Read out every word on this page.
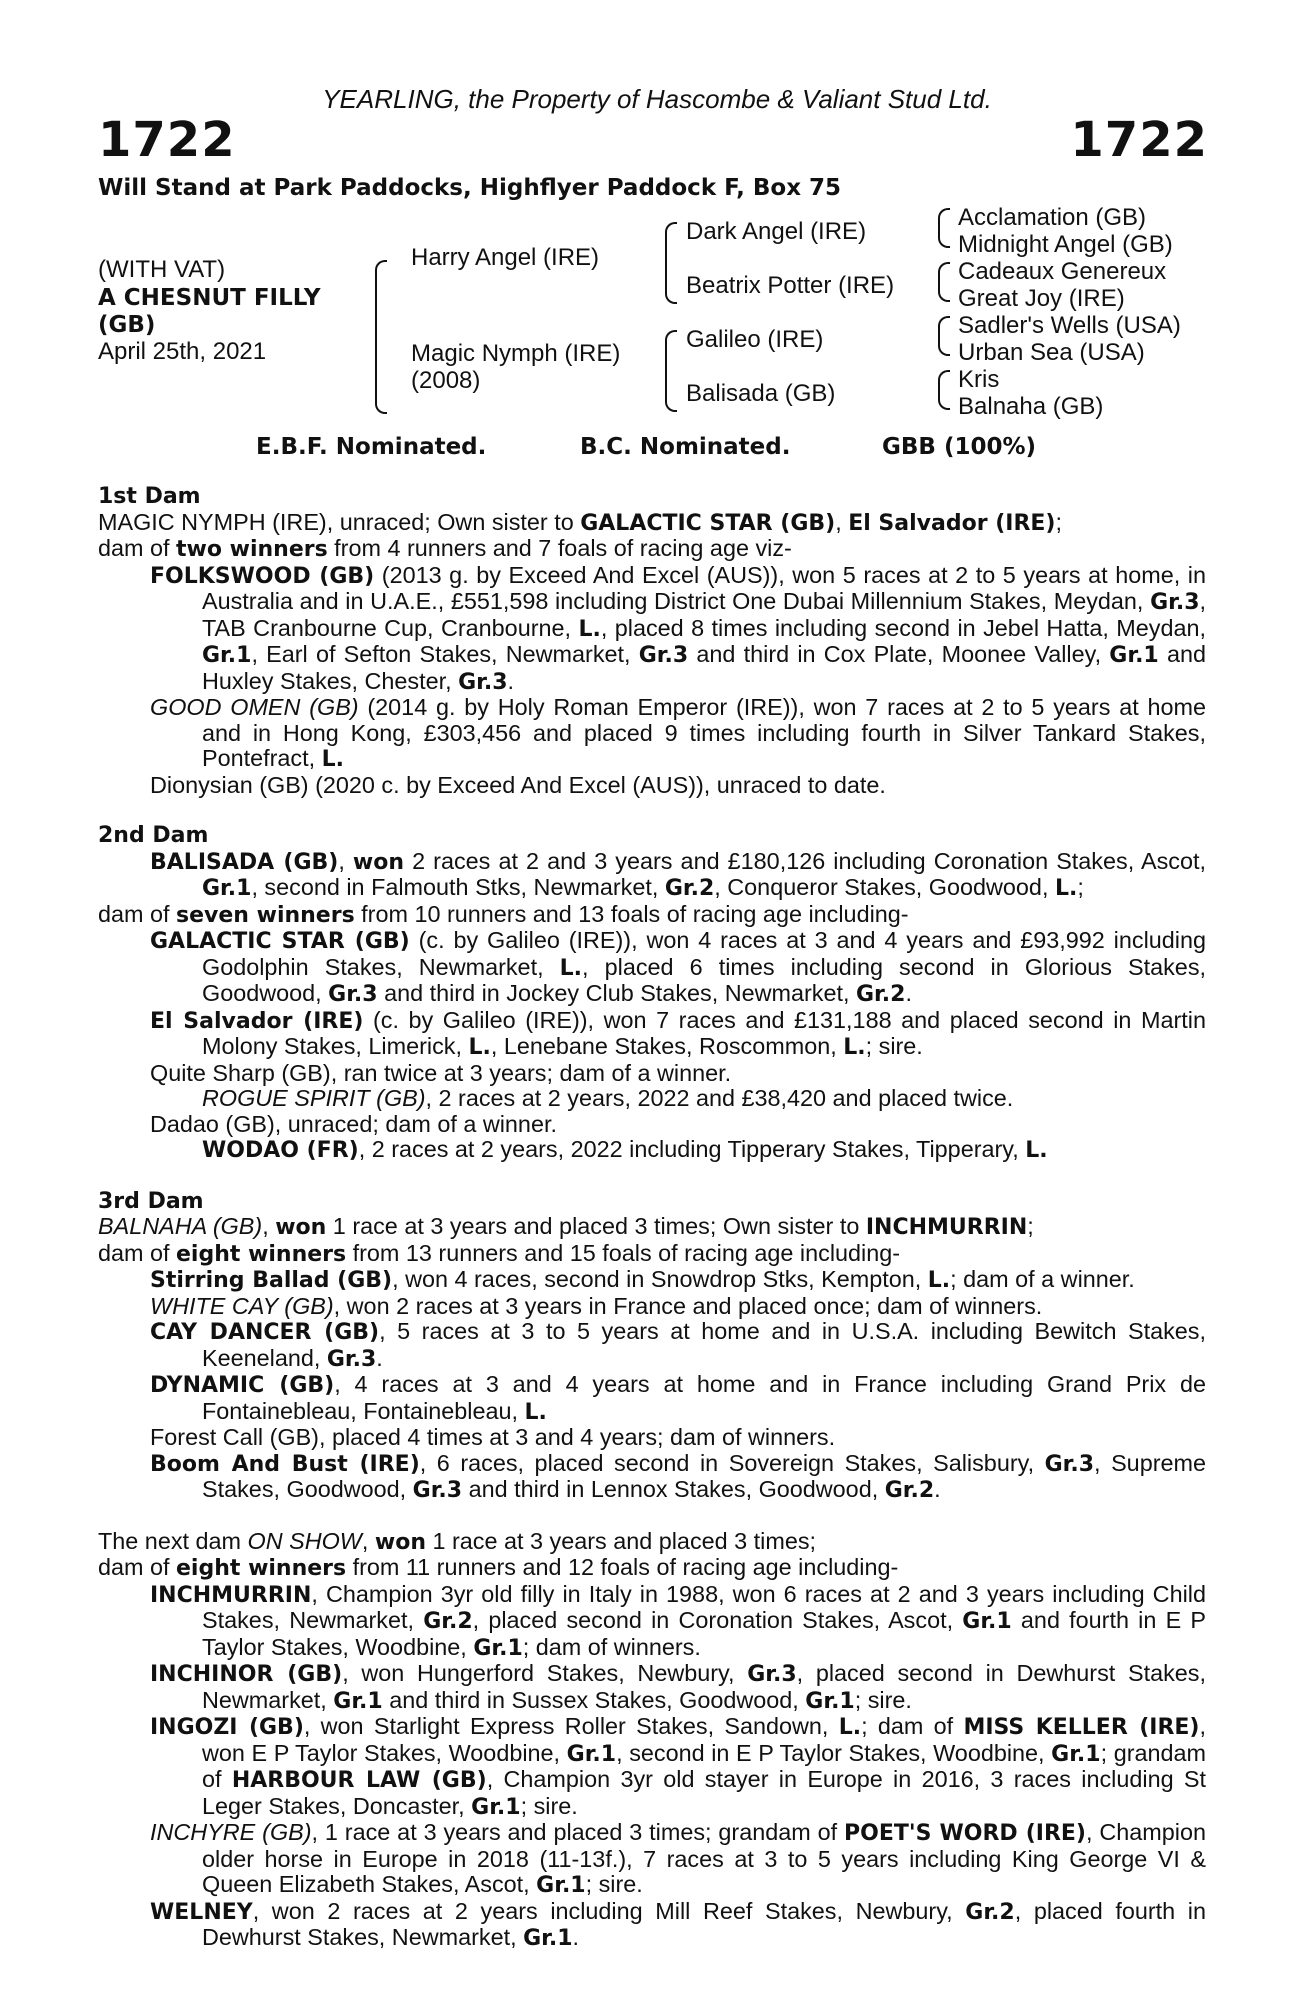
YEARLING, the Property of Hascombe & Valiant Stud Ltd.
1722	1722
Will Stand at Park Paddocks, Highflyer Paddock F, Box 75
(WITH VAT)
A CHESNUT FILLY
(GB)
April 25th, 2021
Harry Angel (IRE)
Magic Nymph (IRE)
(2008)
Dark Angel (IRE)
Beatrix Potter (IRE)
Galileo (IRE)
Balisada (GB)
Acclamation (GB)
Midnight Angel (GB)
Cadeaux Genereux
Great Joy (IRE)
Sadler's Wells (USA)
Urban Sea (USA)
Kris
Balnaha (GB)
E.B.F. Nominated.	B.C. Nominated.	GBB (100%)
1st Dam

MAGIC NYMPH (IRE), unraced; Own sister to GALACTIC STAR (GB), El Salvador (IRE);

dam of two winners from 4 runners and 7 foals of racing age viz-

FOLKSWOOD (GB) (2013 g. by Exceed And Excel (AUS)), won 5 races at 2 to 5 years at home, in Australia and in U.A.E., £551,598 including District One Dubai Millennium Stakes, Meydan, Gr.3, TAB Cranbourne Cup, Cranbourne, L., placed 8 times including second in Jebel Hatta, Meydan, Gr.1, Earl of Sefton Stakes, Newmarket, Gr.3 and third in Cox Plate, Moonee Valley, Gr.1 and Huxley Stakes, Chester, Gr.3.

GOOD OMEN (GB) (2014 g. by Holy Roman Emperor (IRE)), won 7 races at 2 to 5 years at home and in Hong Kong, £303,456 and placed 9 times including fourth in Silver Tankard Stakes, Pontefract, L.

Dionysian (GB) (2020 c. by Exceed And Excel (AUS)), unraced to date.

2nd Dam

BALISADA (GB), won 2 races at 2 and 3 years and £180,126 including Coronation Stakes, Ascot, Gr.1, second in Falmouth Stks, Newmarket, Gr.2, Conqueror Stakes, Goodwood, L.;

dam of seven winners from 10 runners and 13 foals of racing age including-

GALACTIC STAR (GB) (c. by Galileo (IRE)), won 4 races at 3 and 4 years and £93,992 including Godolphin Stakes, Newmarket, L., placed 6 times including second in Glorious Stakes, Goodwood, Gr.3 and third in Jockey Club Stakes, Newmarket, Gr.2.

El Salvador (IRE) (c. by Galileo (IRE)), won 7 races and £131,188 and placed second in Martin Molony Stakes, Limerick, L., Lenebane Stakes, Roscommon, L.; sire.

Quite Sharp (GB), ran twice at 3 years; dam of a winner.

ROGUE SPIRIT (GB), 2 races at 2 years, 2022 and £38,420 and placed twice.

Dadao (GB), unraced; dam of a winner.

WODAO (FR), 2 races at 2 years, 2022 including Tipperary Stakes, Tipperary, L.

3rd Dam

BALNAHA (GB), won 1 race at 3 years and placed 3 times; Own sister to INCHMURRIN;

dam of eight winners from 13 runners and 15 foals of racing age including-

Stirring Ballad (GB), won 4 races, second in Snowdrop Stks, Kempton, L.; dam of a winner.

WHITE CAY (GB), won 2 races at 3 years in France and placed once; dam of winners.

CAY DANCER (GB), 5 races at 3 to 5 years at home and in U.S.A. including Bewitch Stakes, Keeneland, Gr.3.

DYNAMIC (GB), 4 races at 3 and 4 years at home and in France including Grand Prix de Fontainebleau, Fontainebleau, L.

Forest Call (GB), placed 4 times at 3 and 4 years; dam of winners.

Boom And Bust (IRE), 6 races, placed second in Sovereign Stakes, Salisbury, Gr.3, Supreme Stakes, Goodwood, Gr.3 and third in Lennox Stakes, Goodwood, Gr.2.

The next dam ON SHOW, won 1 race at 3 years and placed 3 times;

dam of eight winners from 11 runners and 12 foals of racing age including-

INCHMURRIN, Champion 3yr old filly in Italy in 1988, won 6 races at 2 and 3 years including Child Stakes, Newmarket, Gr.2, placed second in Coronation Stakes, Ascot, Gr.1 and fourth in E P Taylor Stakes, Woodbine, Gr.1; dam of winners.

INCHINOR (GB), won Hungerford Stakes, Newbury, Gr.3, placed second in Dewhurst Stakes, Newmarket, Gr.1 and third in Sussex Stakes, Goodwood, Gr.1; sire.

INGOZI (GB), won Starlight Express Roller Stakes, Sandown, L.; dam of MISS KELLER (IRE), won E P Taylor Stakes, Woodbine, Gr.1, second in E P Taylor Stakes, Woodbine, Gr.1; grandam of HARBOUR LAW (GB), Champion 3yr old stayer in Europe in 2016, 3 races including St Leger Stakes, Doncaster, Gr.1; sire.

INCHYRE (GB), 1 race at 3 years and placed 3 times; grandam of POET'S WORD (IRE), Champion older horse in Europe in 2018 (11-13f.), 7 races at 3 to 5 years including King George VI & Queen Elizabeth Stakes, Ascot, Gr.1; sire.

WELNEY, won 2 races at 2 years including Mill Reef Stakes, Newbury, Gr.2, placed fourth in Dewhurst Stakes, Newmarket, Gr.1.
